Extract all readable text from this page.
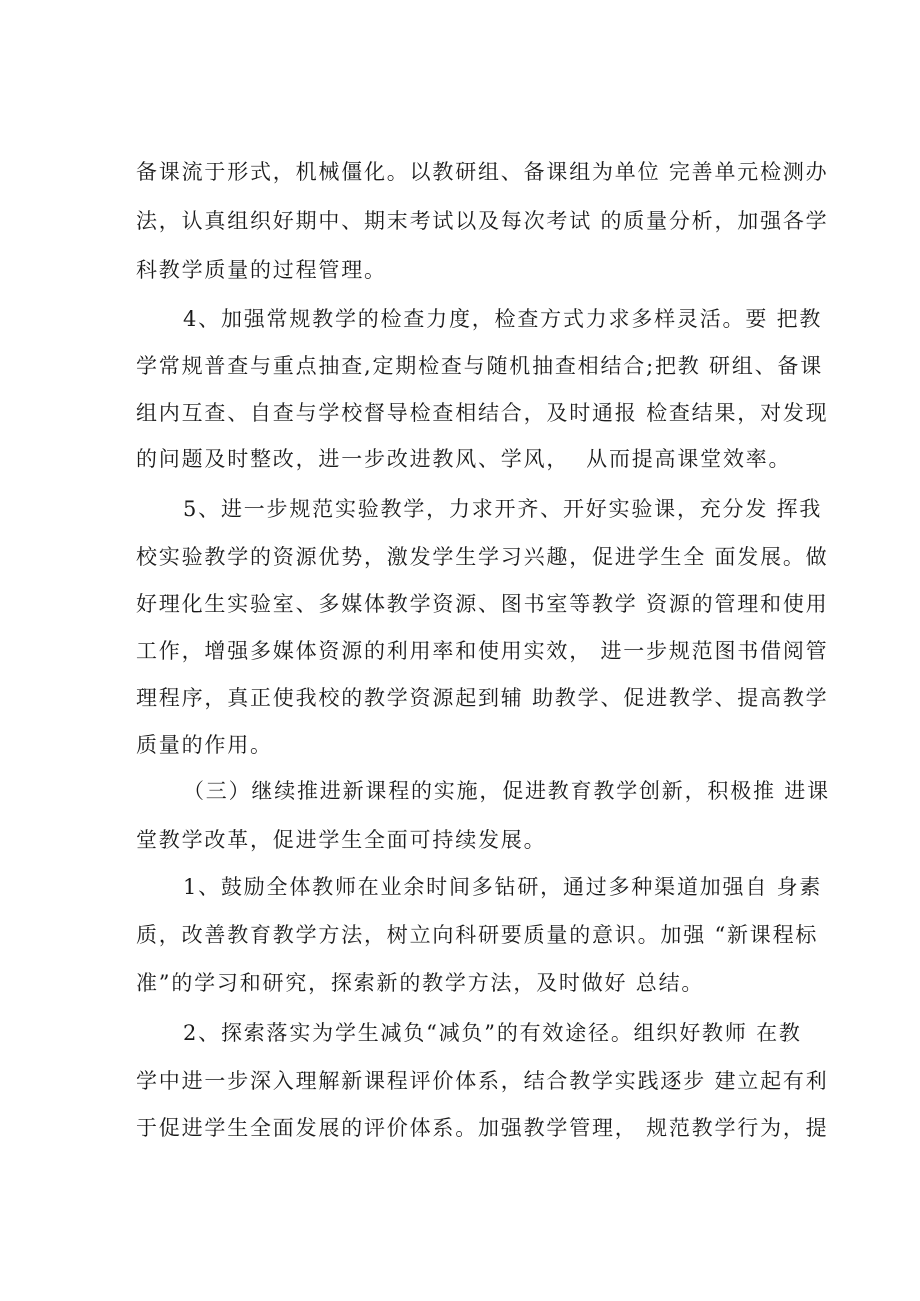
备课流于形式，机械僵化。以教研组、备课组为单位 完善单元检测办
法，认真组织好期中、期末考试以及每次考试 的质量分析，加强各学
科教学质量的过程管理。
4、加强常规教学的检查力度，检查方式力求多样灵活。要 把教
学常规普查与重点抽查,定期检查与随机抽查相结合;把教 研组、备课
组内互查、自查与学校督导检查相结合，及时通报 检查结果，对发现
的问题及时整改，进一步改进教风、学风，  从而提高课堂效率。
5、进一步规范实验教学，力求开齐、开好实验课，充分发 挥我
校实验教学的资源优势，激发学生学习兴趣，促进学生全 面发展。做
好理化生实验室、多媒体教学资源、图书室等教学 资源的管理和使用
工作，增强多媒体资源的利用率和使用实效， 进一步规范图书借阅管
理程序，真正使我校的教学资源起到辅 助教学、促进教学、提高教学
质量的作用。
（三）继续推进新课程的实施，促进教育教学创新，积极推 进课
堂教学改革，促进学生全面可持续发展。
1、鼓励全体教师在业余时间多钻研，通过多种渠道加强自 身素
质，改善教育教学方法，树立向科研要质量的意识。加强 “新课程标
准”的学习和研究，探索新的教学方法，及时做好 总结。
2、探索落实为学生减负“减负”的有效途径。组织好教师 在教
学中进一步深入理解新课程评价体系，结合教学实践逐步 建立起有利
于促进学生全面发展的评价体系。加强教学管理， 规范教学行为，提
